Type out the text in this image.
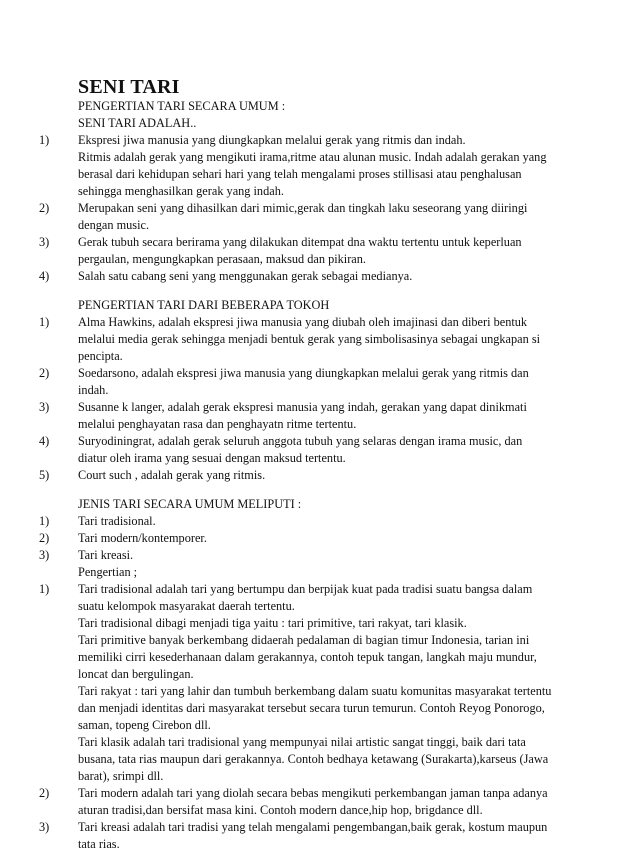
SENI TARI
PENGERTIAN TARI SECARA UMUM :
SENI TARI ADALAH..
1)	Ekspresi jiwa manusia yang diungkapkan melalui gerak yang ritmis dan indah.
Ritmis adalah gerak yang mengikuti irama,ritme atau alunan music. Indah adalah gerakan yang
berasal dari kehidupan sehari hari yang telah mengalami proses stillisasi atau penghalusan
sehingga menghasilkan gerak yang indah.
2)	Merupakan seni yang dihasilkan dari mimic,gerak dan tingkah laku seseorang yang diiringi
dengan music.
3)	Gerak tubuh secara berirama yang dilakukan ditempat dna waktu tertentu untuk keperluan
pergaulan, mengungkapkan perasaan, maksud dan pikiran.
4)	Salah satu cabang seni yang menggunakan gerak sebagai medianya.
PENGERTIAN TARI DARI BEBERAPA TOKOH
1)	Alma Hawkins, adalah ekspresi jiwa manusia yang diubah oleh imajinasi dan diberi bentuk
melalui media gerak sehingga menjadi bentuk gerak yang simbolisasinya sebagai ungkapan si
pencipta.
2)	Soedarsono, adalah ekspresi jiwa manusia yang diungkapkan melalui gerak yang ritmis dan
indah.
3)	Susanne k langer, adalah gerak ekspresi manusia yang indah, gerakan yang dapat dinikmati
melalui penghayatan rasa dan penghayatn ritme tertentu.
4)	Suryodiningrat, adalah gerak seluruh anggota tubuh yang selaras dengan irama music, dan
diatur oleh irama yang sesuai dengan maksud tertentu.
5)	Court such , adalah gerak yang ritmis.
JENIS TARI SECARA UMUM MELIPUTI :
1)	Tari tradisional.
2)	Tari modern/kontemporer.
3)	Tari kreasi.
Pengertian ;
1)	Tari tradisional adalah tari yang bertumpu dan berpijak kuat pada tradisi suatu bangsa dalam
suatu kelompok masyarakat daerah tertentu.
Tari tradisional dibagi menjadi tiga yaitu : tari primitive, tari rakyat, tari klasik.
Tari primitive banyak berkembang didaerah pedalaman di bagian timur Indonesia, tarian ini
memiliki cirri kesederhanaan dalam gerakannya, contoh tepuk tangan, langkah maju mundur,
loncat dan bergulingan.
Tari rakyat : tari yang lahir dan tumbuh berkembang dalam suatu komunitas masyarakat tertentu
dan menjadi identitas dari masyarakat tersebut secara turun temurun. Contoh Reyog Ponorogo,
saman, topeng Cirebon dll.
Tari klasik adalah tari tradisional yang mempunyai nilai artistic sangat tinggi, baik dari tata
busana, tata rias maupun dari gerakannya. Contoh bedhaya ketawang (Surakarta),karseus (Jawa
barat), srimpi dll.
2)	Tari modern adalah tari yang diolah secara bebas mengikuti perkembangan jaman tanpa adanya
aturan tradisi,dan bersifat masa kini. Contoh modern dance,hip hop, brigdance dll.
3)	Tari kreasi adalah tari tradisi yang telah mengalami pengembangan,baik gerak, kostum maupun
tata rias.
